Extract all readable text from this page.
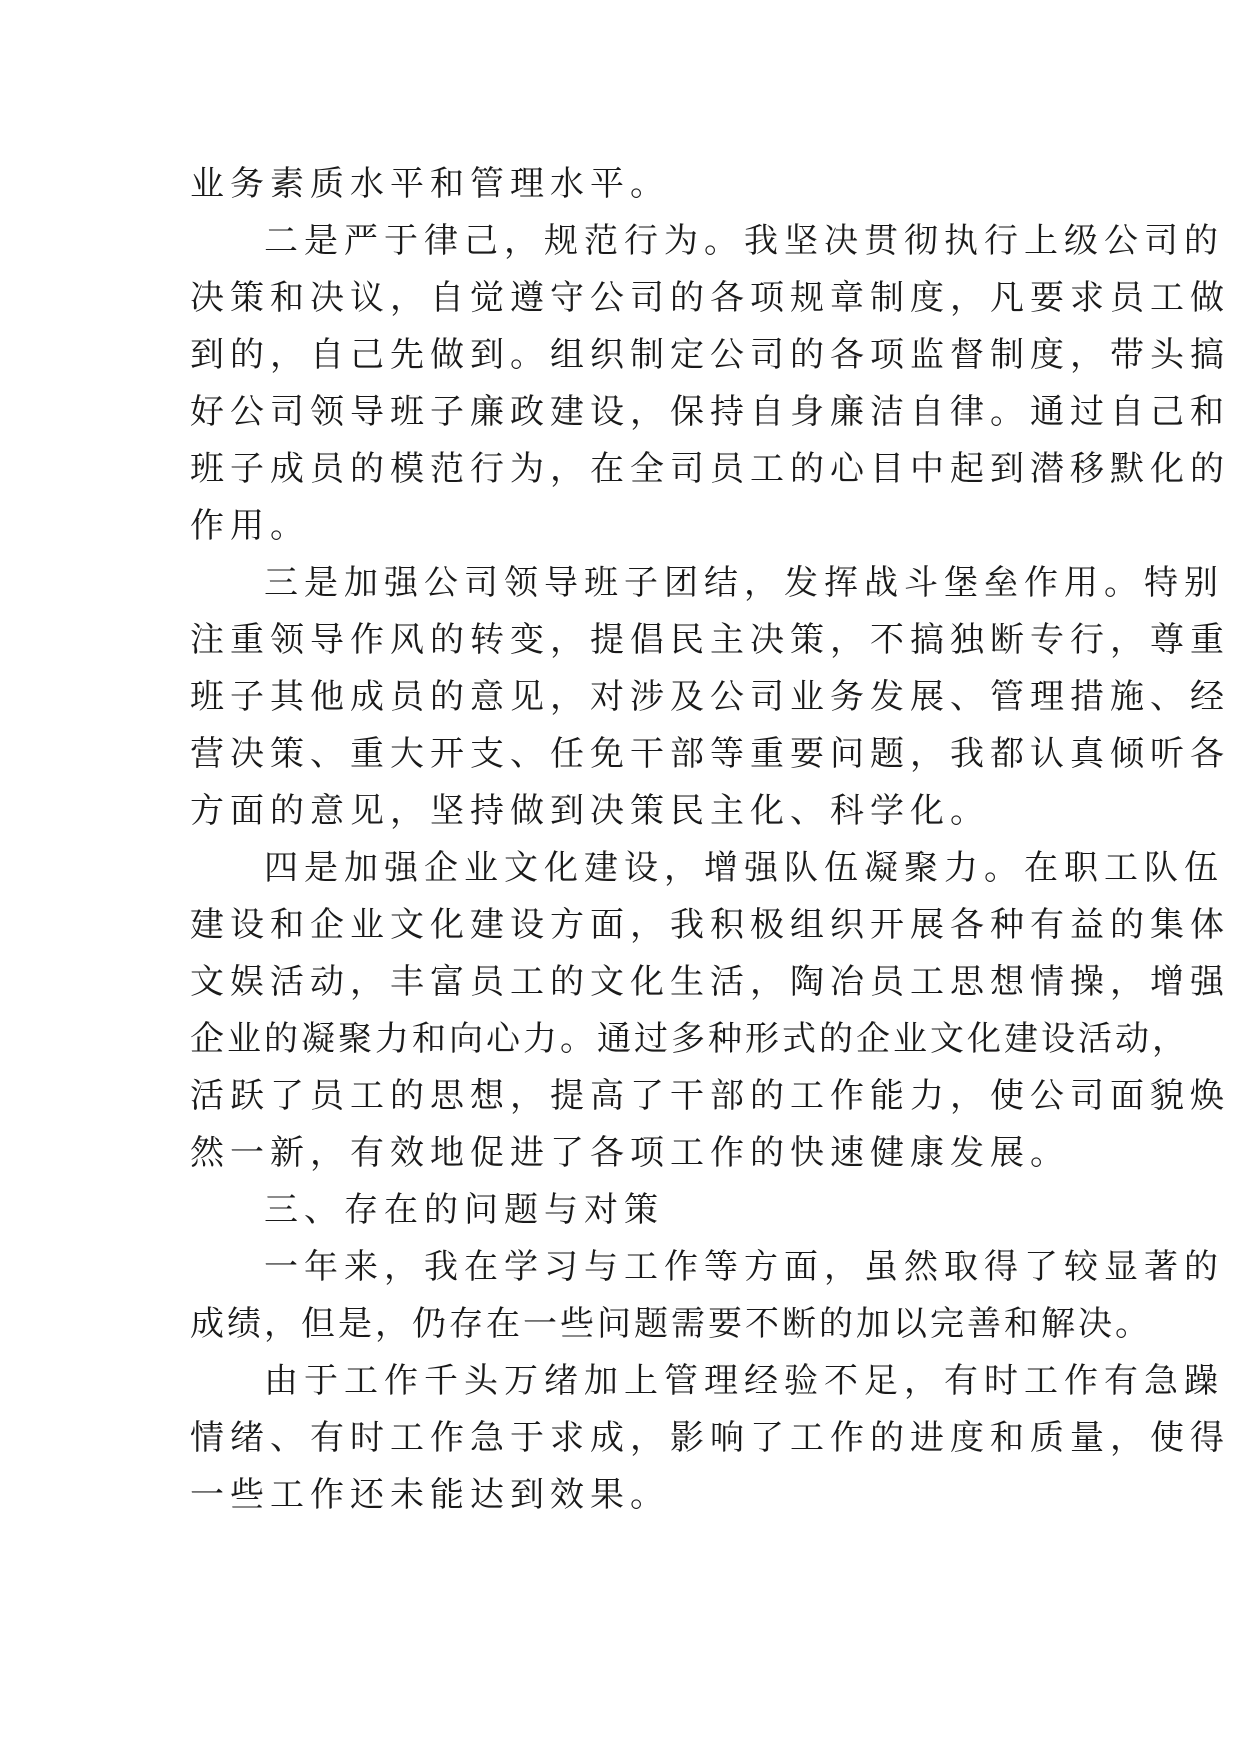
业务素质水平和管理水平。
二是严于律己，规范行为。我坚决贯彻执行上级公司的
决策和决议，自觉遵守公司的各项规章制度，凡要求员工做
到的，自己先做到。组织制定公司的各项监督制度，带头搞
好公司领导班子廉政建设，保持自身廉洁自律。通过自己和
班子成员的模范行为，在全司员工的心目中起到潜移默化的
作用。
三是加强公司领导班子团结，发挥战斗堡垒作用。特别
注重领导作风的转变，提倡民主决策，不搞独断专行，尊重
班子其他成员的意见，对涉及公司业务发展、管理措施、经
营决策、重大开支、任免干部等重要问题，我都认真倾听各
方面的意见，坚持做到决策民主化、科学化。
四是加强企业文化建设，增强队伍凝聚力。在职工队伍
建设和企业文化建设方面，我积极组织开展各种有益的集体
文娱活动，丰富员工的文化生活，陶冶员工思想情操，增强
企业的凝聚力和向心力。通过多种形式的企业文化建设活动，
活跃了员工的思想，提高了干部的工作能力，使公司面貌焕
然一新，有效地促进了各项工作的快速健康发展。
三、存在的问题与对策
一年来，我在学习与工作等方面，虽然取得了较显著的
成绩，但是，仍存在一些问题需要不断的加以完善和解决。
由于工作千头万绪加上管理经验不足，有时工作有急躁
情绪、有时工作急于求成，影响了工作的进度和质量，使得
一些工作还未能达到效果。
